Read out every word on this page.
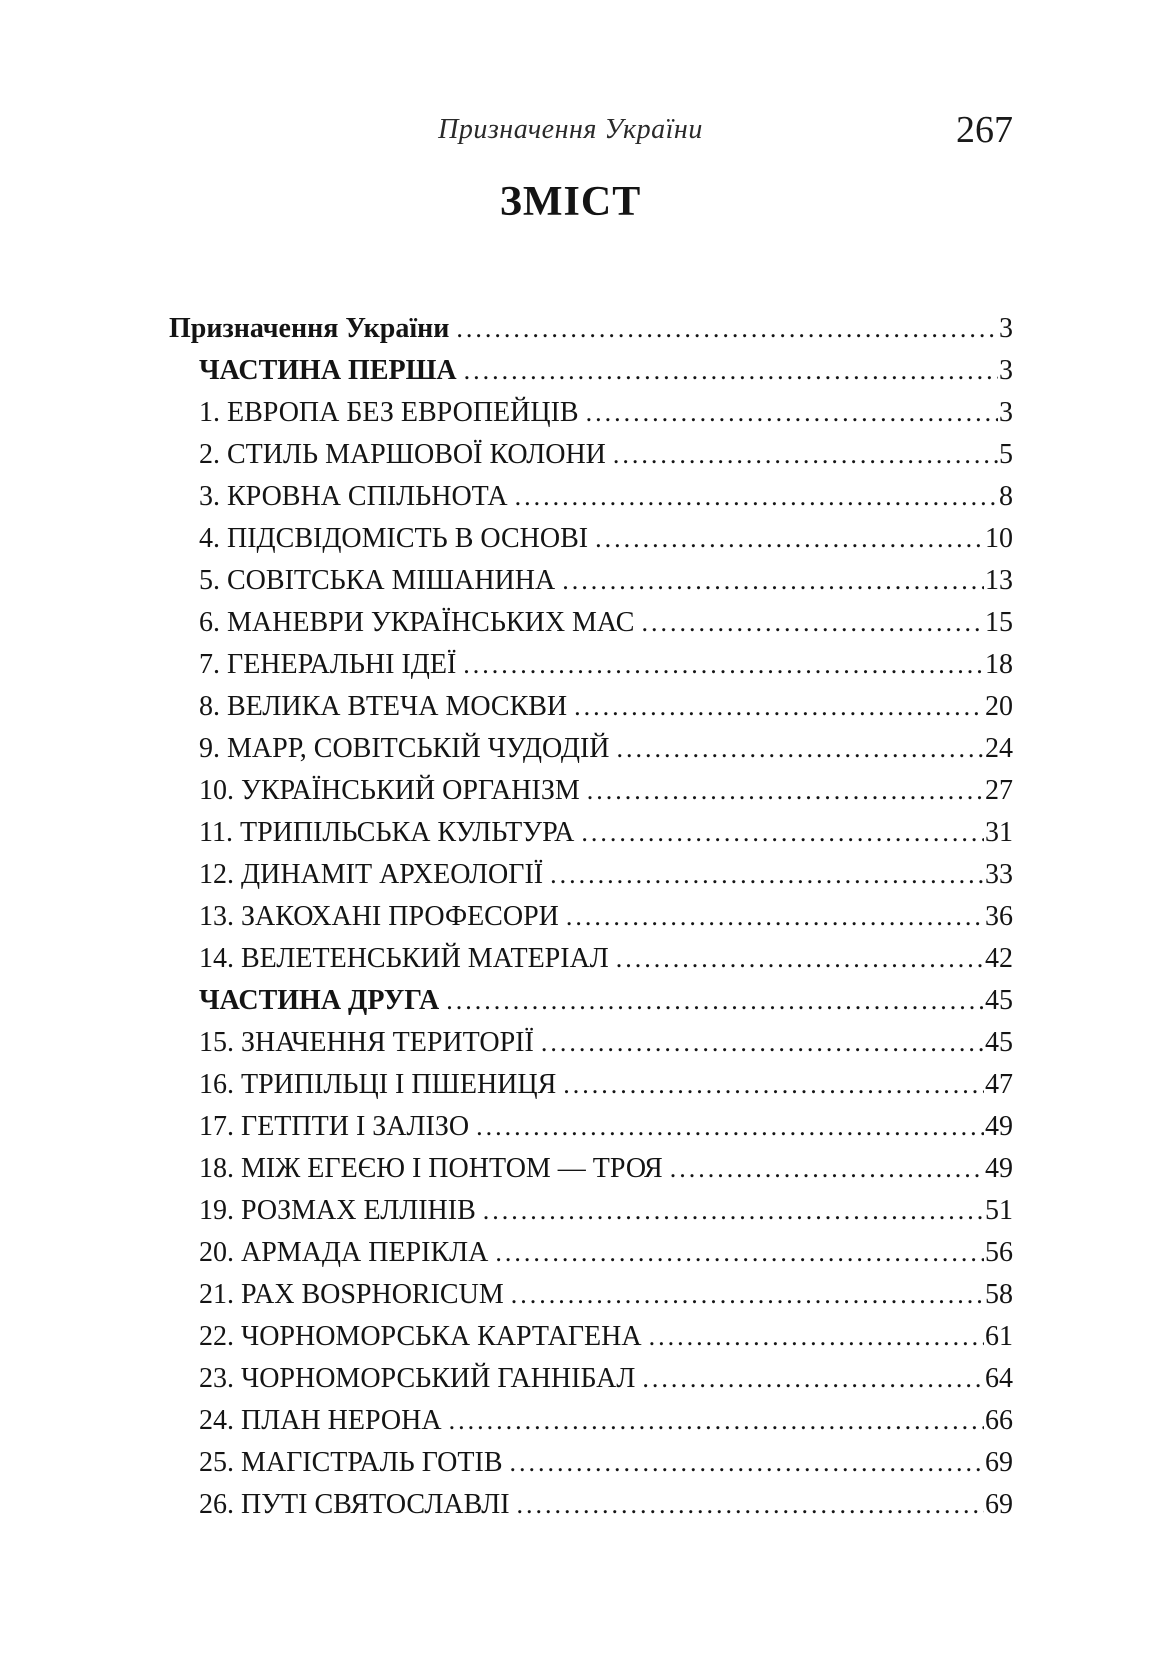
Призначення України	267
ЗМІСТ
Призначення України .....	3
ЧАСТИНА ПЕРША .....	3
1. ЕВРОПА БЕЗ ЕВРОПЕЙЦІВ .....	3
2. СТИЛЬ МАРШОВОЇ КОЛОНИ .....	5
3. КРОВНА СПІЛЬНОТА .....	8
4. ПІДСВІДОМІСТЬ В ОСНОВІ .....	10
5. СОВІТСЬКА МІШАНИНА .....	13
6. МАНЕВРИ УКРАЇНСЬКИХ МАС .....	15
7. ГЕНЕРАЛЬНІ ІДЕЇ .....	18
8. ВЕЛИКА ВТЕЧА МОСКВИ .....	20
9. МАРР, СОВІТСЬКІЙ ЧУДОДІЙ .....	24
10. УКРАЇНСЬКИЙ ОРГАНІЗМ .....	27
11. ТРИПІЛЬСЬКА КУЛЬТУРА .....	31
12. ДИНАМІТ АРХЕОЛОГІЇ .....	33
13. ЗАКОХАНІ ПРОФЕСОРИ .....	36
14. ВЕЛЕТЕНСЬКИЙ МАТЕРІАЛ .....	42
ЧАСТИНА ДРУГА .....	45
15. ЗНАЧЕННЯ ТЕРИТОРІЇ .....	45
16. ТРИПІЛЬЦІ І ПШЕНИЦЯ .....	47
17. ГЕТПТИ І ЗАЛІЗО .....	49
18. МІЖ ЕГЕЄЮ І ПОНТОМ — ТРОЯ .....	49
19. РОЗМАХ ЕЛЛІНІВ .....	51
20. АРМАДА ПЕРІКЛА .....	56
21. PAX BOSPHORICUM .....	58
22. ЧОРНОМОРСЬКА КАРТАГЕНА .....	61
23. ЧОРНОМОРСЬКИЙ ГАННІБАЛ .....	64
24. ПЛАН НЕРОНА .....	66
25. МАГІСТРАЛЬ ГОТІВ .....	69
26. ПУТІ СВЯТОСЛАВЛІ .....	69
